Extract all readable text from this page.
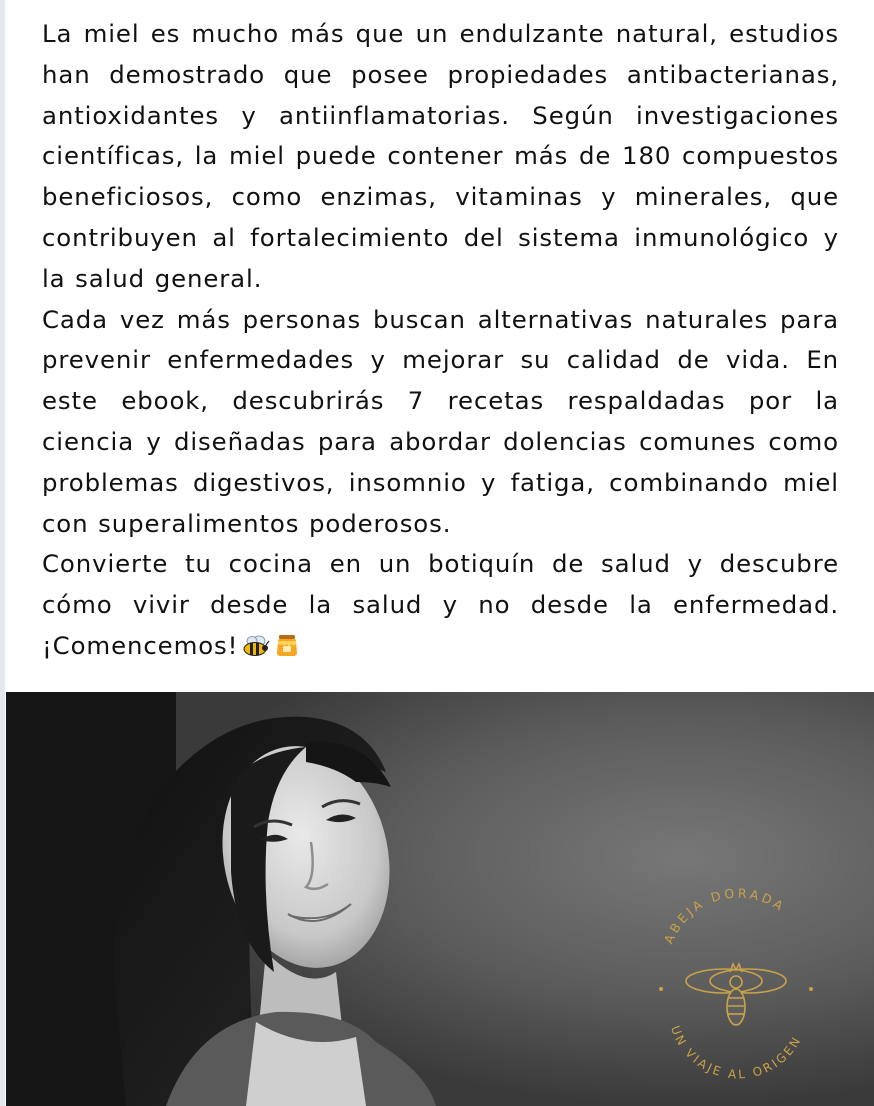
La miel es mucho más que un endulzante natural, estudios han demostrado que posee propiedades antibacterianas, antioxidantes y antiinflamatorias. Según investigaciones científicas, la miel puede contener más de 180 compuestos beneficiosos, como enzimas, vitaminas y minerales, que contribuyen al fortalecimiento del sistema inmunológico y la salud general.

Cada vez más personas buscan alternativas naturales para prevenir enfermedades y mejorar su calidad de vida. En este ebook, descubrirás 7 recetas respaldadas por la ciencia y diseñadas para abordar dolencias comunes como problemas digestivos, insomnio y fatiga, combinando miel con superalimentos poderosos.

Convierte tu cocina en un botiquín de salud y descubre cómo vivir desde la salud y no desde la enfermedad. ¡Comencemos!

ABEJA DORADA
UN VIAJE AL ORIGEN
